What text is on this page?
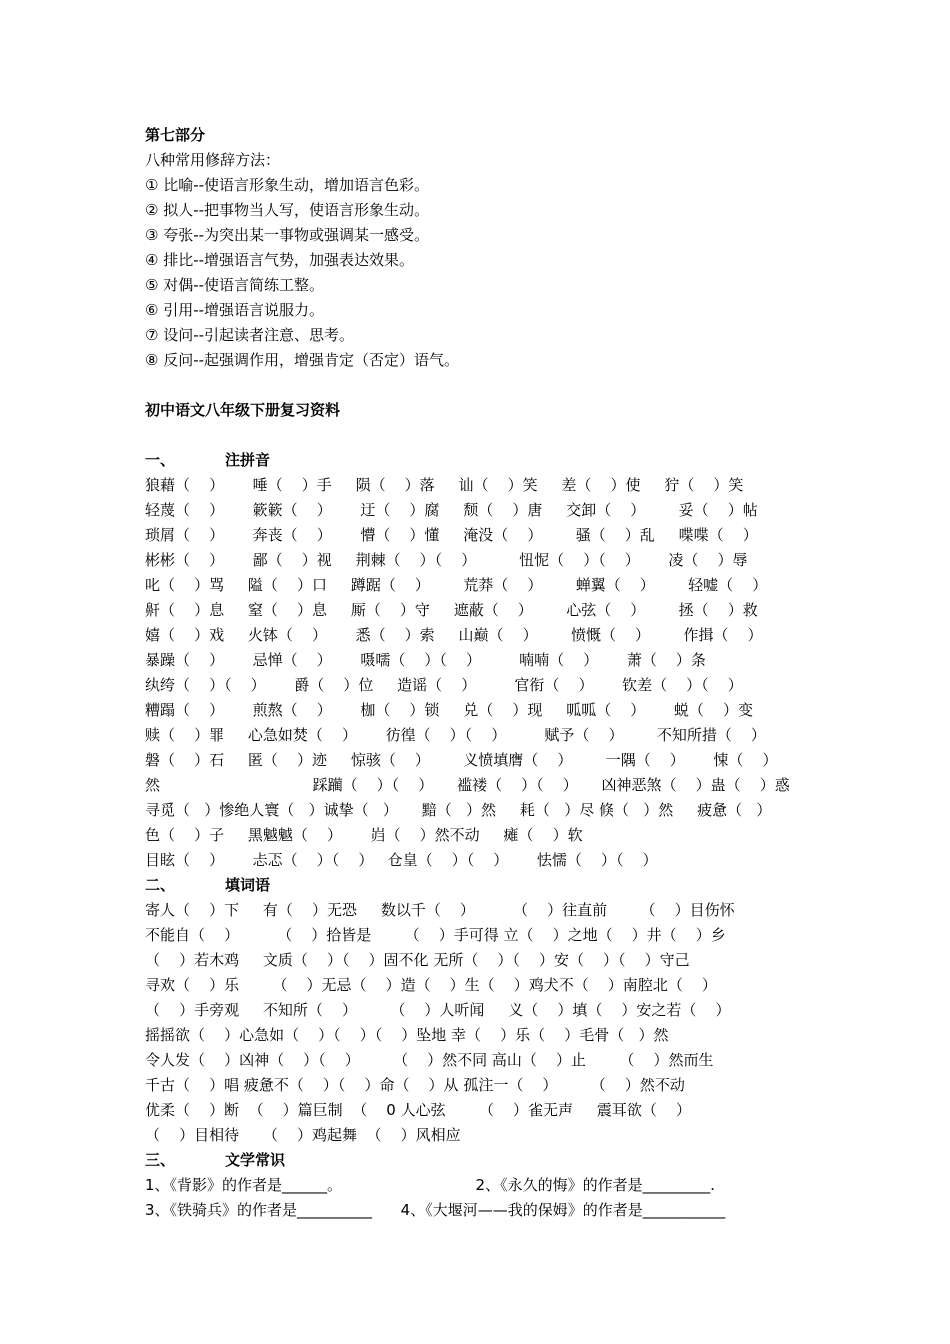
第七部分
八种常用修辞方法：
① 比喻--使语言形象生动，增加语言色彩。
② 拟人--把事物当人写，使语言形象生动。
③ 夸张--为突出某一事物或强调某一感受。
④ 排比--增强语言气势，加强表达效果。
⑤ 对偶--使语言简练工整。
⑥ 引用--增强语言说服力。
⑦ 设问--引起读者注意、思考。
⑧ 反问--起强调作用，增强肯定（否定）语气。
初中语文八年级下册复习资料
一、	注拼音
狼藉（    ）      唾（    ）手     陨（    ）落     讪（    ）笑     差（    ）使     狞（    ）笑
轻蔑（    ）      簌簌（    ）      迂（    ）腐     颓（    ）唐     交卸（    ）       妥（    ）帖
琐屑（    ）      奔丧（    ）      懵（    ）懂     淹没（    ）       骚（    ）乱     喋喋（    ）
彬彬（    ）      鄙（    ）视     荆棘（    ）（    ）         忸怩（    ）（    ）      凌（    ）辱
叱（    ）骂     隘（    ）口     蹲踞（    ）       荒莽（    ）       蝉翼（    ）       轻嘘（    ）
鼾（    ）息     窒（    ）息     厮（    ）守     遮蔽（    ）       心弦（    ）       拯（    ）救
嬉（    ）戏     火钵（    ）      悉（    ）索     山巅（    ）       愤慨（    ）       作揖（    ）
暴躁（    ）      忌惮（    ）      嗫嚅（    ）（    ）        喃喃（    ）      萧（    ）条
纨绔（    ）（    ）      爵（    ）位     造谣（    ）        官衔（    ）      钦差（    ）（    ）
糟蹋（    ）      煎熬（    ）      枷（    ）锁     兑（    ）现     呱呱（    ）      蜕（    ）变
赎（    ）罪     心急如焚（    ）      彷徨（    ）（    ）        赋予（    ）       不知所措（    ）
磐（    ）石     匿（    ）迹     惊骇（    ）       义愤填膺（    ）       一隅（    ）      悚（    ）
然                                踩躏（    ）（    ）     褴褛（    ）（    ）     凶神恶煞（    ）蛊（    ）惑
寻觅（   ）惨绝人寰（   ）诚挚（   ）     黯（   ）然     耗（   ）尽 倏（   ）然     疲惫（   ）
色（    ）子     黑魆魆（    ）      岿（    ）然不动     瘫（    ）软
目眩（    ）      忐忑（    ）（    ）   仓皇（    ）（    ）      怯懦（    ）（    ）
二、	填词语
寄人（    ）下     有（    ）无恐     数以千（    ）        （    ）往直前       （    ）目伤怀
不能自（    ）        （    ）拾皆是       （    ）手可得 立（    ）之地（    ）井（    ）乡
（    ）若木鸡     文质（    ）（    ）固不化 无所（    ）（    ）安（    ）（    ）守己
寻欢（    ）乐       （    ）无忌（    ）造（    ）生（    ）鸡犬不（    ）南腔北（    ）
（    ）手旁观     不知所（    ）       （    ）人听闻     义（    ）填（    ）安之若（    ）
摇摇欲（    ）心急如（    ）（    ）（    ）坠地 幸（    ）乐（    ）毛骨（   ）然
令人发（    ）凶神（    ）（    ）       （    ）然不同 高山（    ）止       （    ）然而生
千古（    ）唱 疲惫不（    ）（    ）命（    ）从 孤注一（    ）       （    ）然不动
优柔（    ）断  （    ）篇巨制  （    0 人心弦       （    ）雀无声     震耳欲（    ）
（    ）目相待     （    ）鸡起舞  （    ）风相应
三、	文学常识
1、《背影》的作者是______。                            2、《永久的悔》的作者是_________.
3、《铁骑兵》的作者是__________      4、《大堰河——我的保姆》的作者是___________
